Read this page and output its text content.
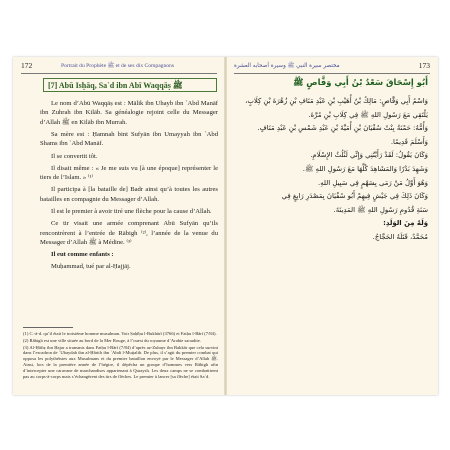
172	Portrait du Prophète ﷺ et de ses dix Compagnons
[7] Abū Isḥāq, Sa`d ibn Abī Waqqāṣ ﷺ

Le nom d’Abū Waqqāṣ est : Mālik ibn Uhayb ibn `Abd Manāf ibn Zuhrah ibn Kilāb. Sa généalogie rejoint celle du Messager d’Allah ﷺ en Kilāb ibn Murrah.

Sa mère est : Ḥamnah bint Sufyān ibn Umayyah ibn `Abd Shams ibn `Abd Manāf.

Il se convertit tôt.

Il disait même : « Je me suis vu [à une époque] représenter le tiers de l’Islam. » ⁽¹⁾

Il participa à [la bataille de] Badr ainsi qu’à toutes les autres batailles en compagnie du Messager d’Allah.

Il est le premier à avoir tiré une flèche pour la cause d’Allah.

Ce tir visait une armée comprenant Abū Sufyān qu’ils rencontrèrent à l’entrée de Rābigh ⁽²⁾, l’année de la venue du Messager d’Allah ﷺ à Médine. ⁽³⁾

Il eut comme enfants :

Muḥammad, tué par al-Ḥajjāj.

(1) C.-à-d. qu’il était le troisième homme musulman. Voir Ṣaḥīḥu l-Bukhārī (3766) et Fatḥu l-Bārī (7/84).

(2) Rābigh est une ville située au bord de la Mer Rouge, à l’ouest du royaume d’Arabie saoudite.

(3) Al-Ḥāfiẓ ibn Ḥajar a transmis dans Fatḥu l-Bārī (7/84) d’après az-Zuhayr ibn Bakkār que cela survint dans l’escadron de `Ubaydah ibn al-Ḥārith ibn `Abdi l-Muṭṭalib. De plus, il s’agit du premier combat qui opposa les polythéistes aux Musulmans et du premier bataillon envoyé par le Messager d’Allah ﷺ. Ainsi, lors de la première année de l’hégire, il dépêcha un groupe d’hommes vers Rābigh afin d’intercepter une caravane de marchandises appartenant à Quraysh. Les deux camps ne se combattirent pas au corps-à-corps mais s’échangèrent des tirs de flèches. Le premier à lancer [sa flèche] était Sa`d.

173
مختصر سيرة النبي ﷺ وسيرة أصحابه العشرة
أَبُو إِسْحَاقَ سَعْدُ بْنُ أَبِي وَقَّاصٍ ﷺ

وَاسْمُ أَبِي وَقَّاصٍ: مَالِكُ بْنُ أُهَيْبِ بْنِ عَبْدِ مَنَافِ بْنِ زُهْرَةَ بْنِ كِلَابٍ،

يَلْتَقِي مَعَ رَسُولِ اللهِ ﷺ فِي كِلَابِ بْنِ مُرَّةَ.

وَأُمُّهُ: حَمْنَةُ بِنْتُ سُفْيَانَ بْنِ أُمَيَّةَ بْنِ عَبْدِ شَمْسِ بْنِ عَبْدِ مَنَافٍ.

وَأَسْلَمَ قَدِيمًا.

وَكَانَ يَقُولُ: لَقَدْ رَأَيْتُنِي وَإِنِّي لَثُلُثُ الإِسْلَامِ.

وَشَهِدَ بَدْرًا وَالمَشَاهِدَ كُلَّهَا مَعَ رَسُولِ اللهِ ﷺ.

وَهُوَ أَوَّلُ مَنْ رَمَى بِسَهْمٍ فِي سَبِيلِ اللهِ.

وَكَانَ ذَلِكَ فِي جَيْشٍ فِيهِمْ أَبُو سُفْيَانَ بِمَصْدَرِ رَابِغٍ فِي

سَنَةِ قُدُومِ رَسُولِ اللهِ ﷺ المَدِينَةَ.

وَلَهُ مِنَ الوَلَدِ:

مُحَمَّدٌ، قَتَلَهُ الحَجَّاجُ.
